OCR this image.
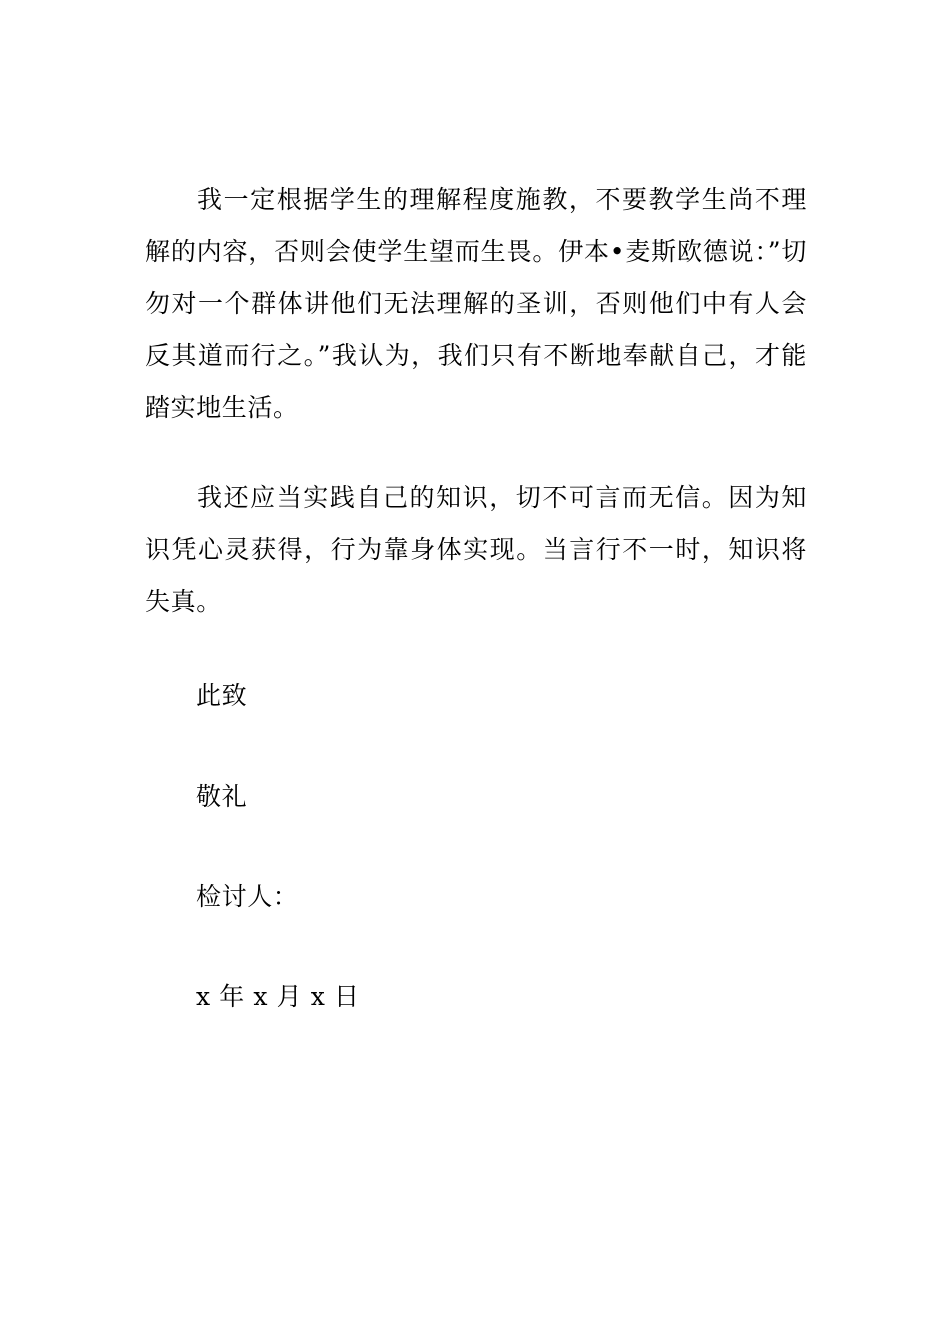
我一定根据学生的理解程度施教，不要教学生尚不理解的内容，否则会使学生望而生畏。伊本•麦斯欧德说：”切勿对一个群体讲他们无法理解的圣训，否则他们中有人会反其道而行之。”我认为，我们只有不断地奉献自己，才能踏实地生活。

我还应当实践自己的知识，切不可言而无信。因为知识凭心灵获得，行为靠身体实现。当言行不一时，知识将失真。

此致

敬礼

检讨人：

x 年 x 月 x 日
